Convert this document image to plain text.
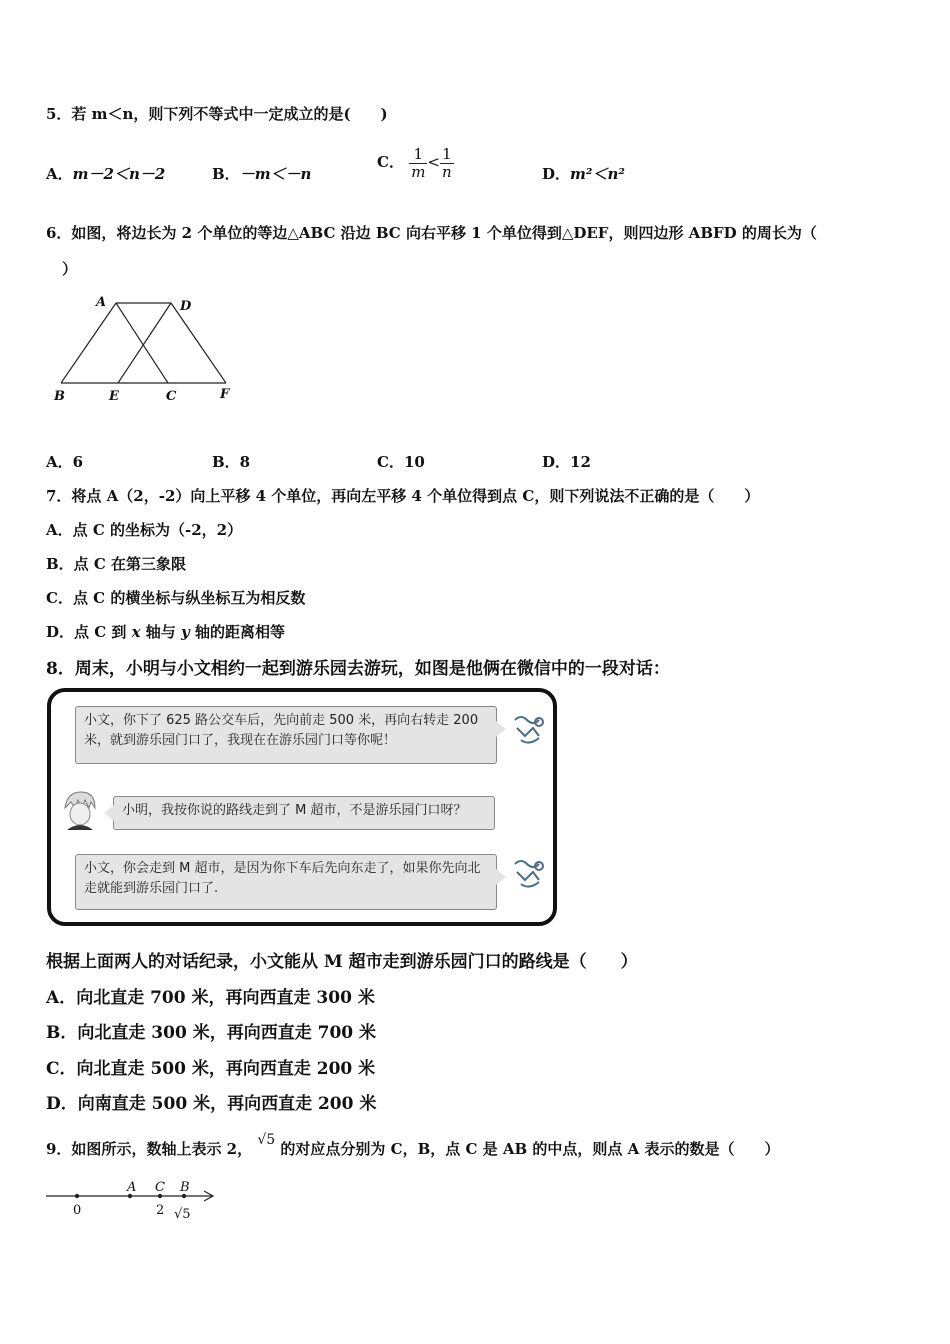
5．若 m＜n，则下列不等式中一定成立的是(　　)
A．m－2＜n－2	B．－m＜－n
C． $\frac{1}{m} < \frac{1}{n}$	D．m²＜n²
6．如图，将边长为 2 个单位的等边△ABC 沿边 BC 向右平移 1 个单位得到△DEF，则四边形 ABFD 的周长为（
）
A	D
B	E	C	F
A．6	B．8	C．10	D．12
7．将点 A（2，-2）向上平移 4 个单位，再向左平移 4 个单位得到点 C，则下列说法不正确的是（　　）
A．点 C 的坐标为（-2，2）
B．点 C 在第三象限
C．点 C 的横坐标与纵坐标互为相反数
D．点 C 到 x 轴与 y 轴的距离相等
8．周末，小明与小文相约一起到游乐园去游玩，如图是他俩在微信中的一段对话：
小文，你下了 625 路公交车后，先向前走 500 米，再向右转走 200 米，就到游乐园门口了，我现在在游乐园门口等你呢！
小明，我按你说的路线走到了 M 超市，不是游乐园门口呀？
小文，你会走到 M 超市，是因为你下车后先向东走了，如果你先向北走就能到游乐园门口了.
根据上面两人的对话纪录，小文能从 M 超市走到游乐园门口的路线是（　　）
A．向北直走 700 米，再向西直走 300 米
B．向北直走 300 米，再向西直走 700 米
C．向北直走 500 米，再向西直走 200 米
D．向南直走 500 米，再向西直走 200 米
9．如图所示，数轴上表示 2， √5 的对应点分别为 C，B，点 C 是 AB 的中点，则点 A 表示的数是（　　）
0
A C B
2 √5
